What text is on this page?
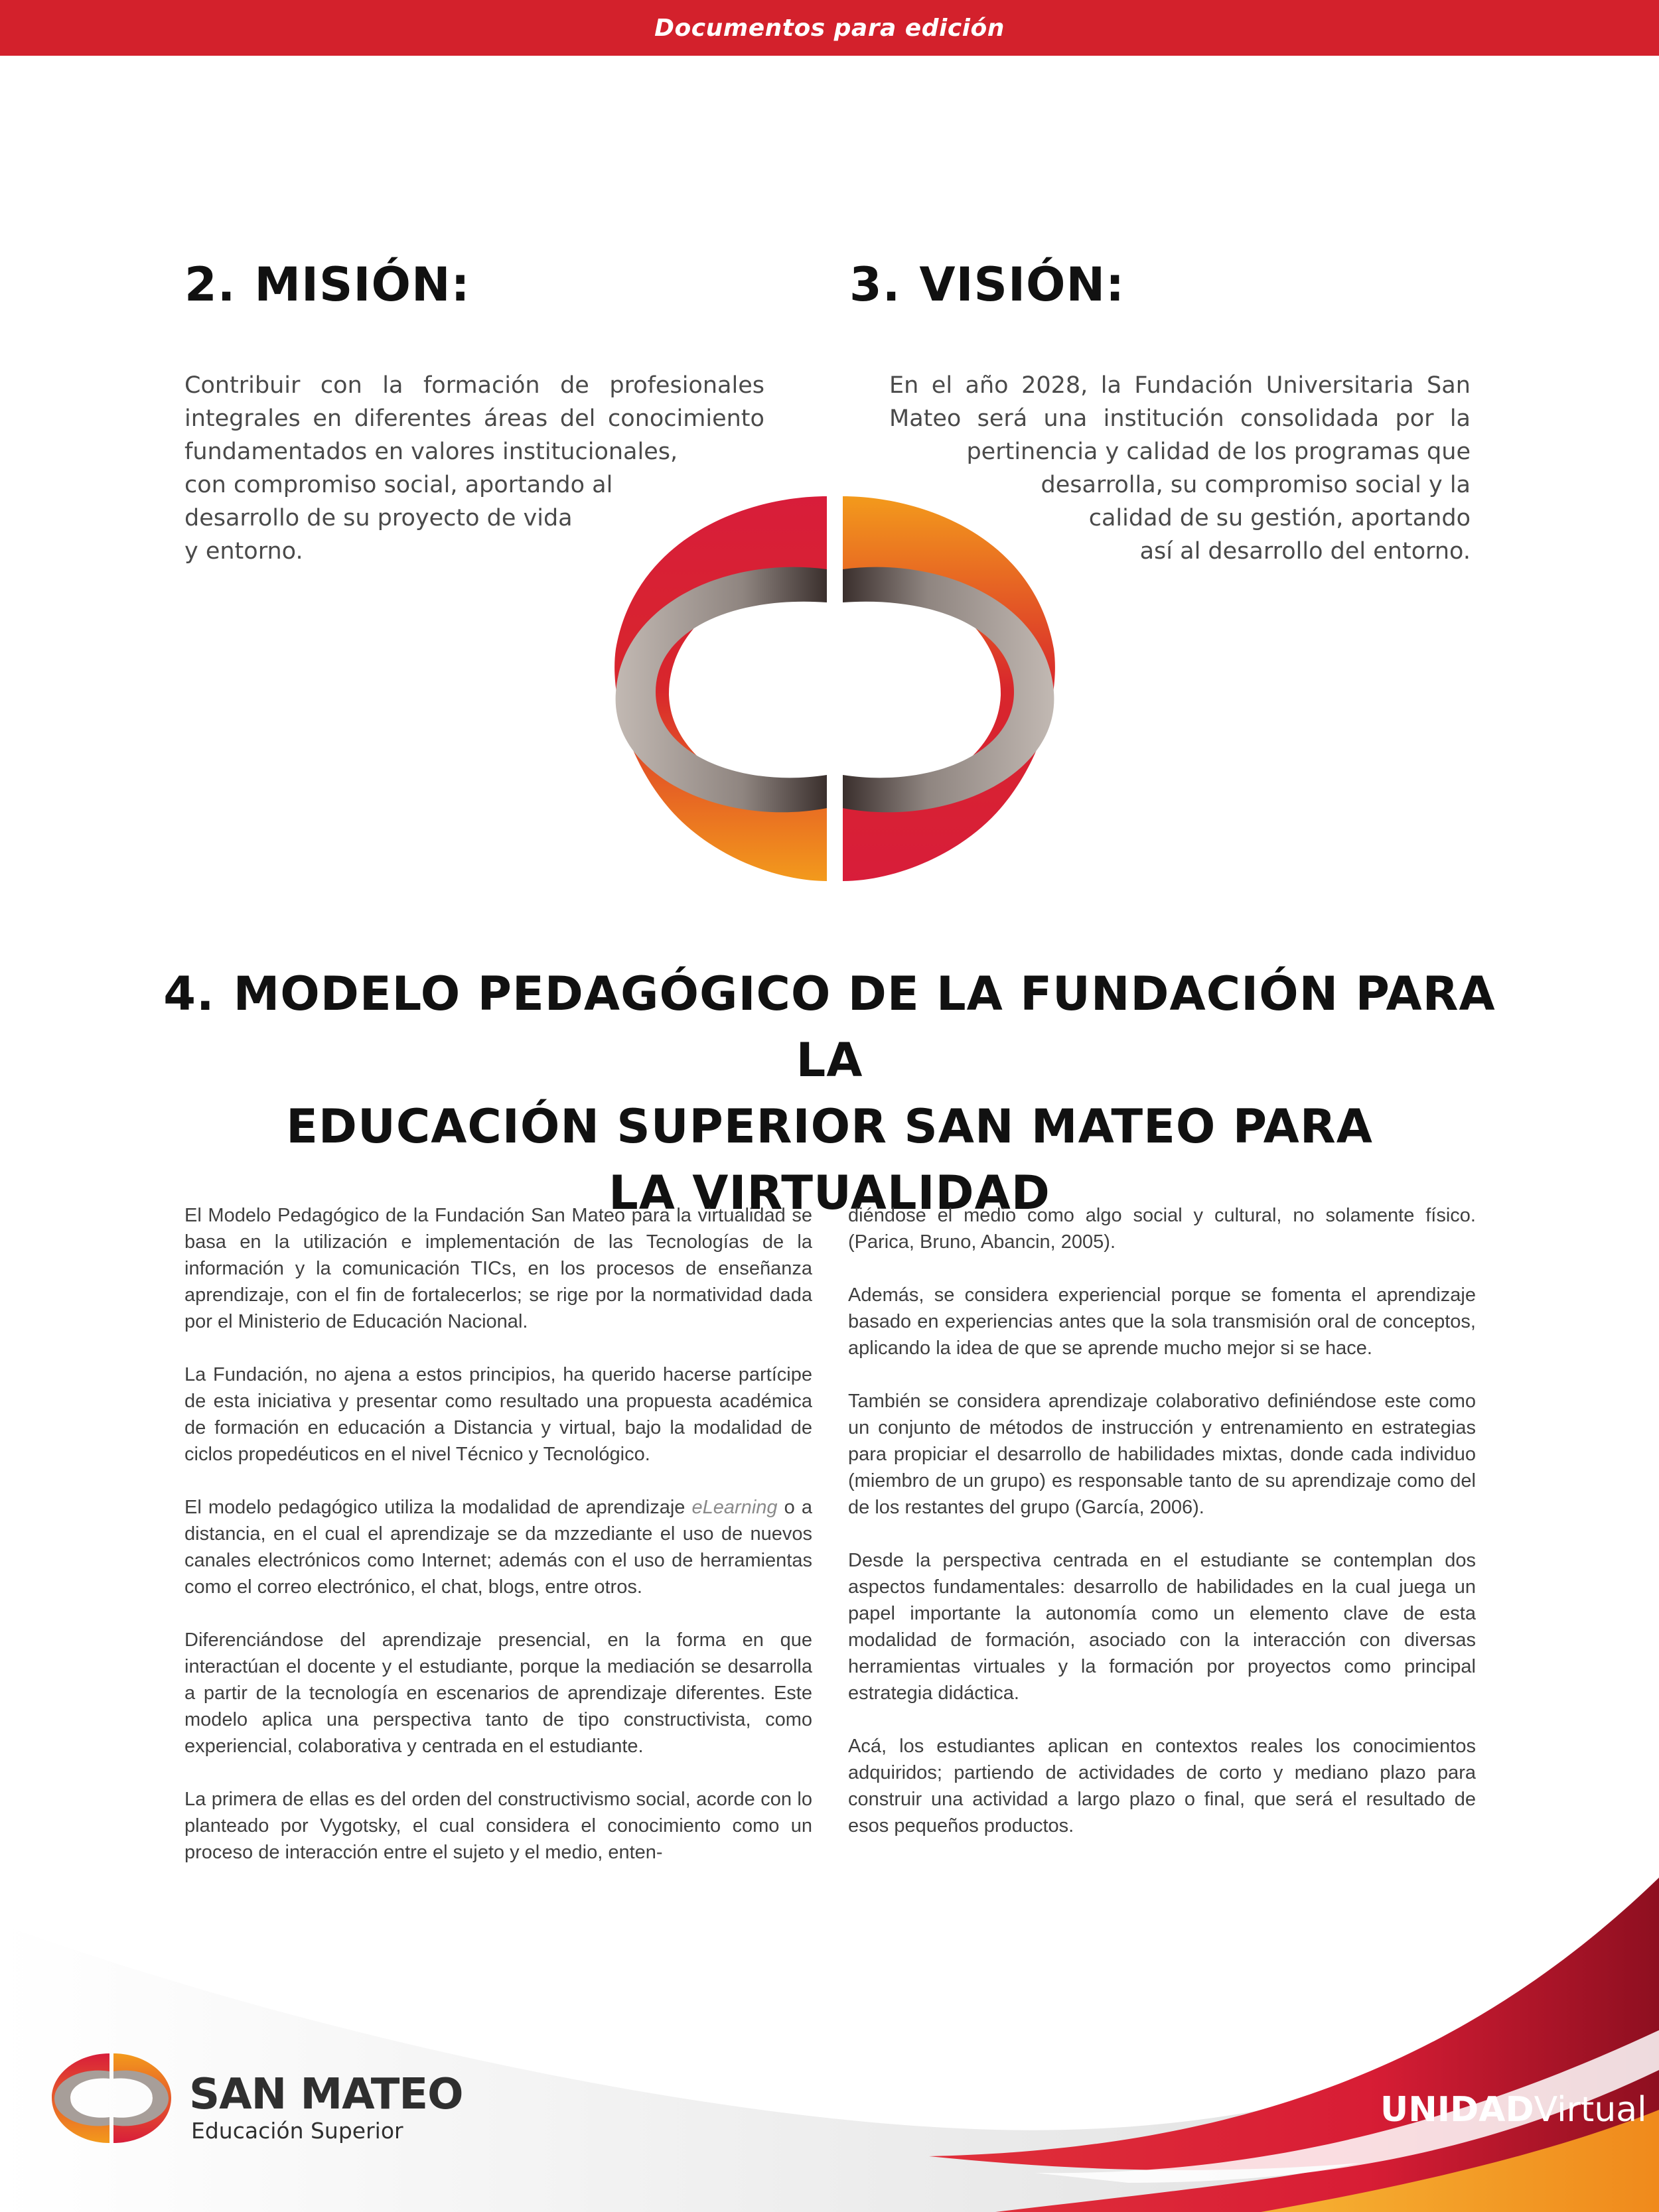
Documentos para edición
2. MISIÓN:	3. VISIÓN:
Contribuir con la formación de profesionales
integrales en diferentes áreas del conocimiento
fundamentados en valores institucionales,
con compromiso social, aportando al
desarrollo de su proyecto de vida
y entorno.
En el año 2028, la Fundación Universitaria San
Mateo será una institución consolidada por la
pertinencia y calidad de los programas que
desarrolla, su compromiso social y la
calidad de su gestión, aportando
así al desarrollo del entorno.
4. MODELO PEDAGÓGICO DE LA FUNDACIÓN PARA LA
EDUCACIÓN SUPERIOR SAN MATEO PARA
LA VIRTUALIDAD

El Modelo Pedagógico de la Fundación San Mateo para la virtualidad se basa en la utilización e implementación de las Tecnologías de la información y la comunicación TICs, en los procesos de enseñanza aprendizaje, con el fin de fortalecerlos; se rige por la normatividad dada por el Ministerio de Educación Nacional.

La Fundación, no ajena a estos principios, ha querido hacerse partícipe de esta iniciativa y presentar como resultado una propuesta académica de formación en educación a Distancia y virtual, bajo la modalidad de ciclos propedéuticos en el nivel Técnico y Tecnológico.

El modelo pedagógico utiliza la modalidad de aprendizaje eLearning o a distancia, en el cual el aprendizaje se da mzzediante el uso de nuevos canales electrónicos como Internet; además con el uso de herramientas como el correo electrónico, el chat, blogs, entre otros.

Diferenciándose del aprendizaje presencial, en la forma en que interactúan el docente y el estudiante, porque la mediación se desarrolla a partir de la tecnología en escenarios de aprendizaje diferentes. Este modelo aplica una perspectiva tanto de tipo constructivista, como experiencial, colaborativa y centrada en el estudiante.

La primera de ellas es del orden del constructivismo social, acorde con lo planteado por Vygotsky, el cual considera el conocimiento como un proceso de interacción entre el sujeto y el medio, enten-

diéndose el medio como algo social y cultural, no solamente físico. (Parica, Bruno, Abancin, 2005).

Además, se considera experiencial porque se fomenta el aprendizaje basado en experiencias antes que la sola transmisión oral de conceptos, aplicando la idea de que se aprende mucho mejor si se hace.

También se considera aprendizaje colaborativo definiéndose este como un conjunto de métodos de instrucción y entrenamiento en estrategias para propiciar el desarrollo de habilidades mixtas, donde cada individuo (miembro de un grupo) es responsable tanto de su aprendizaje como del de los restantes del grupo (García, 2006).

Desde la perspectiva centrada en el estudiante se contemplan dos aspectos fundamentales: desarrollo de habilidades en la cual juega un papel importante la autonomía como un elemento clave de esta modalidad de formación, asociado con la interacción con diversas herramientas virtuales y la formación por proyectos como principal estrategia didáctica.

Acá, los estudiantes aplican en contextos reales los conocimientos adquiridos; partiendo de actividades de corto y mediano plazo para construir una actividad a largo plazo o final, que será el resultado de esos pequeños productos.

SAN MATEO

Educación Superior

UNIDADVirtual
